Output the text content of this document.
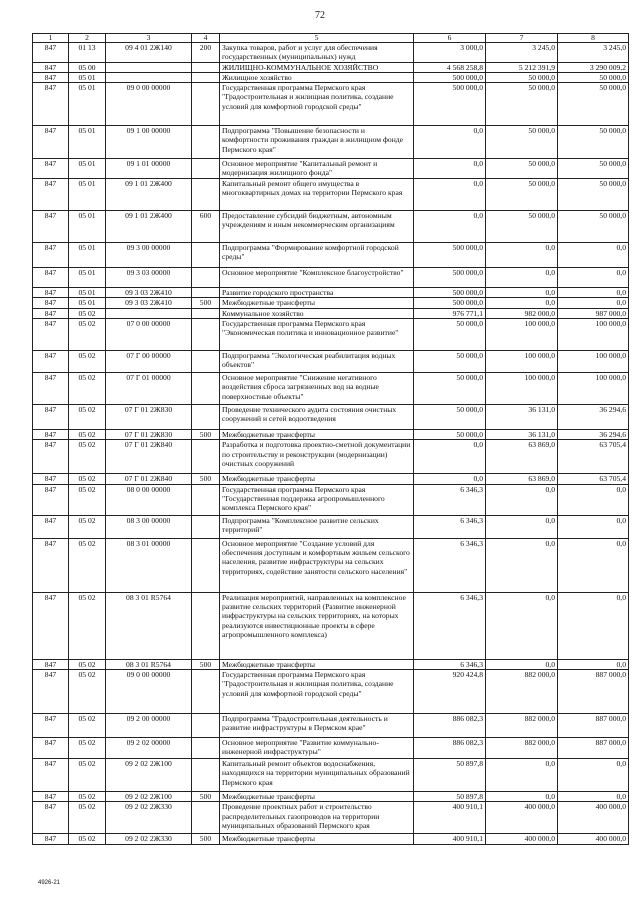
72
1	2	3	4	5	6	7	8
847	01 13	09 4 01 2Ж140	200	Закупка товаров, работ и услуг для обеспечения государственных (муниципальных) нужд	3 000,0	3 245,0	3 245,0
847	05 00			ЖИЛИЩНО-КОММУНАЛЬНОЕ ХОЗЯЙСТВО	4 568 258,8	5 212 391,9	3 290 009,2
847	05 01			Жилищное хозяйство	500 000,0	50 000,0	50 000,0
847	05 01	09 0 00 00000		Государственная программа Пермского края "Градостроительная и жилищная политика, создание условий для комфортной городской среды"	500 000,0	50 000,0	50 000,0
847	05 01	09 1 00 00000		Подпрограмма "Повышение безопасности и комфортности проживания граждан в жилищном фонде Пермского края"	0,0	50 000,0	50 000,0
847	05 01	09 1 01 00000		Основное мероприятие "Капитальный ремонт и модернизация жилищного фонда"	0,0	50 000,0	50 000,0
847	05 01	09 1 01 2Ж400		Капитальный ремонт общего имущества в многоквартирных домах на территории Пермского края	0,0	50 000,0	50 000,0
847	05 01	09 1 01 2Ж400	600	Предоставление субсидий бюджетным, автономным учреждениям и иным некоммерческим организациям	0,0	50 000,0	50 000,0
847	05 01	09 3 00 00000		Подпрограмма "Формирование комфортной городской среды"	500 000,0	0,0	0,0
847	05 01	09 3 03 00000		Основное мероприятие "Комплексное благоустройство"	500 000,0	0,0	0,0
847	05 01	09 3 03 2Ж410		Развитие городского пространства	500 000,0	0,0	0,0
847	05 01	09 3 03 2Ж410	500	Межбюджетные трансферты	500 000,0	0,0	0,0
847	05 02			Коммунальное хозяйство	976 771,1	982 000,0	987 000,0
847	05 02	07 0 00 00000		Государственная программа Пермского края "Экономическая политика и инновационное развитие"	50 000,0	100 000,0	100 000,0
847	05 02	07 Г 00 00000		Подпрограмма "Экологическая реабилитация водных объектов"	50 000,0	100 000,0	100 000,0
847	05 02	07 Г 01 00000		Основное мероприятие "Снижение негативного воздействия сброса загрязненных вод на водные поверхностные объекты"	50 000,0	100 000,0	100 000,0
847	05 02	07 Г 01 2Ж830		Проведение технического аудита состояния очистных сооружений и сетей водоотведения	50 000,0	36 131,0	36 294,6
847	05 02	07 Г 01 2Ж830	500	Межбюджетные трансферты	50 000,0	36 131,0	36 294,6
847	05 02	07 Г 01 2Ж840		Разработка и подготовка проектно-сметной документации по строительству и реконструкции (модернизации) очистных сооружений	0,0	63 869,0	63 705,4
847	05 02	07 Г 01 2Ж840	500	Межбюджетные трансферты	0,0	63 869,0	63 705,4
847	05 02	08 0 00 00000		Государственная программа Пермского края "Государственная поддержка агропромышленного комплекса Пермского края"	6 346,3	0,0	0,0
847	05 02	08 3 00 00000		Подпрограмма "Комплексное развитие сельских территорий"	6 346,3	0,0	0,0
847	05 02	08 3 01 00000		Основное мероприятие "Создание условий для обеспечения доступным и комфортным жильем сельского населения, развитие инфраструктуры на сельских территориях, содействие занятости сельского населения"	6 346,3	0,0	0,0
847	05 02	08 3 01 R5764		Реализация мероприятий, направленных на комплексное развитие сельских территорий (Развитие инженерной инфраструктуры на сельских территориях, на которых реализуются инвестиционные проекты в сфере агропромышленного комплекса)	6 346,3	0,0	0,0
847	05 02	08 3 01 R5764	500	Межбюджетные трансферты	6 346,3	0,0	0,0
847	05 02	09 0 00 00000		Государственная программа Пермского края "Градостроительная и жилищная политика, создание условий для комфортной городской среды"	920 424,8	882 000,0	887 000,0
847	05 02	09 2 00 00000		Подпрограмма "Градостроительная деятельность и развитие инфраструктуры в Пермском крае"	886 082,3	882 000,0	887 000,0
847	05 02	09 2 02 00000		Основное мероприятие "Развитие коммунально-инженерной инфраструктуры"	886 082,3	882 000,0	887 000,0
847	05 02	09 2 02 2Ж100		Капитальный ремонт объектов водоснабжения, находящихся на территории муниципальных образований Пермского края	50 897,8	0,0	0,0
847	05 02	09 2 02 2Ж100	500	Межбюджетные трансферты	50 897,8	0,0	0,0
847	05 02	09 2 02 2Ж330		Проведение проектных работ и строительство распределительных газопроводов на территории муниципальных образований Пермского края	400 910,1	400 000,0	400 000,0
847	05 02	09 2 02 2Ж330	500	Межбюджетные трансферты	400 910,1	400 000,0	400 000,0
4926-21
